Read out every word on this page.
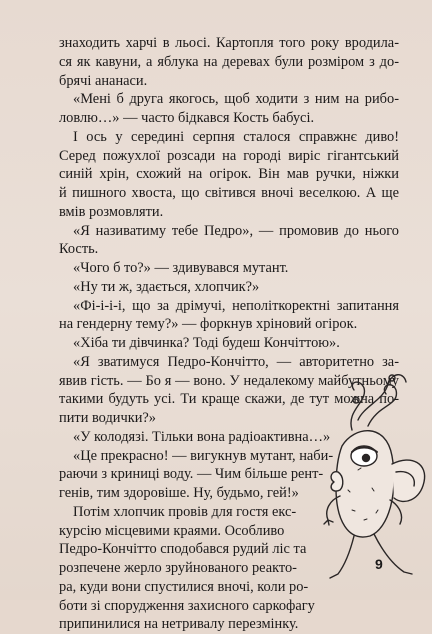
знаходить харчі в льосі. Картопля того року вродила-
ся як кавуни, а яблука на деревах були розміром з до-
брячі ананаси.
«Мені б друга якогось, щоб ходити з ним на рибо-
ловлю…» — часто бідкався Кость бабусі.
І ось у середині серпня сталося справжнє диво!
Серед пожухлої розсади на городі виріс гігантський
синій хрін, схожий на огірок. Він мав ручки, ніжки
й пишного хвоста, що світився вночі веселкою. А ще
вмів розмовляти.
«Я називатиму тебе Педро», — промовив до нього
Кость.
«Чого б то?» — здивувався мутант.
«Ну ти ж, здається, хлопчик?»
«Фі-і-і-і, що за дрімучі, неполіткоректні запитання
на гендерну тему?» — форкнув хріновий огірок.
«Хіба ти дівчинка? Тоді будеш Кончіттою».
«Я зватимуся Педро-Кончітто, — авторитетно за-
явив гість. — Бо я — воно. У недалекому майбутньому
такими будуть усі. Ти краще скажи, де тут можна по-
пити водички?»
«У колодязі. Тільки вона радіоактивна…»
«Це прекрасно! — вигукнув мутант, наби-
раючи з криниці воду. — Чим більше рент-
генів, тим здоровіше. Ну, будьмо, гей!»
Потім хлопчик провів для гостя екс-
курсію місцевими краями. Особливо
Педро-Кончітто сподобався рудий ліс та
розпечене жерло зруйнованого реакто-
ра, куди вони спустилися вночі, коли ро-
боти зі спорудження захисного саркофагу
припинилися на нетривалу перезмінку.
9
